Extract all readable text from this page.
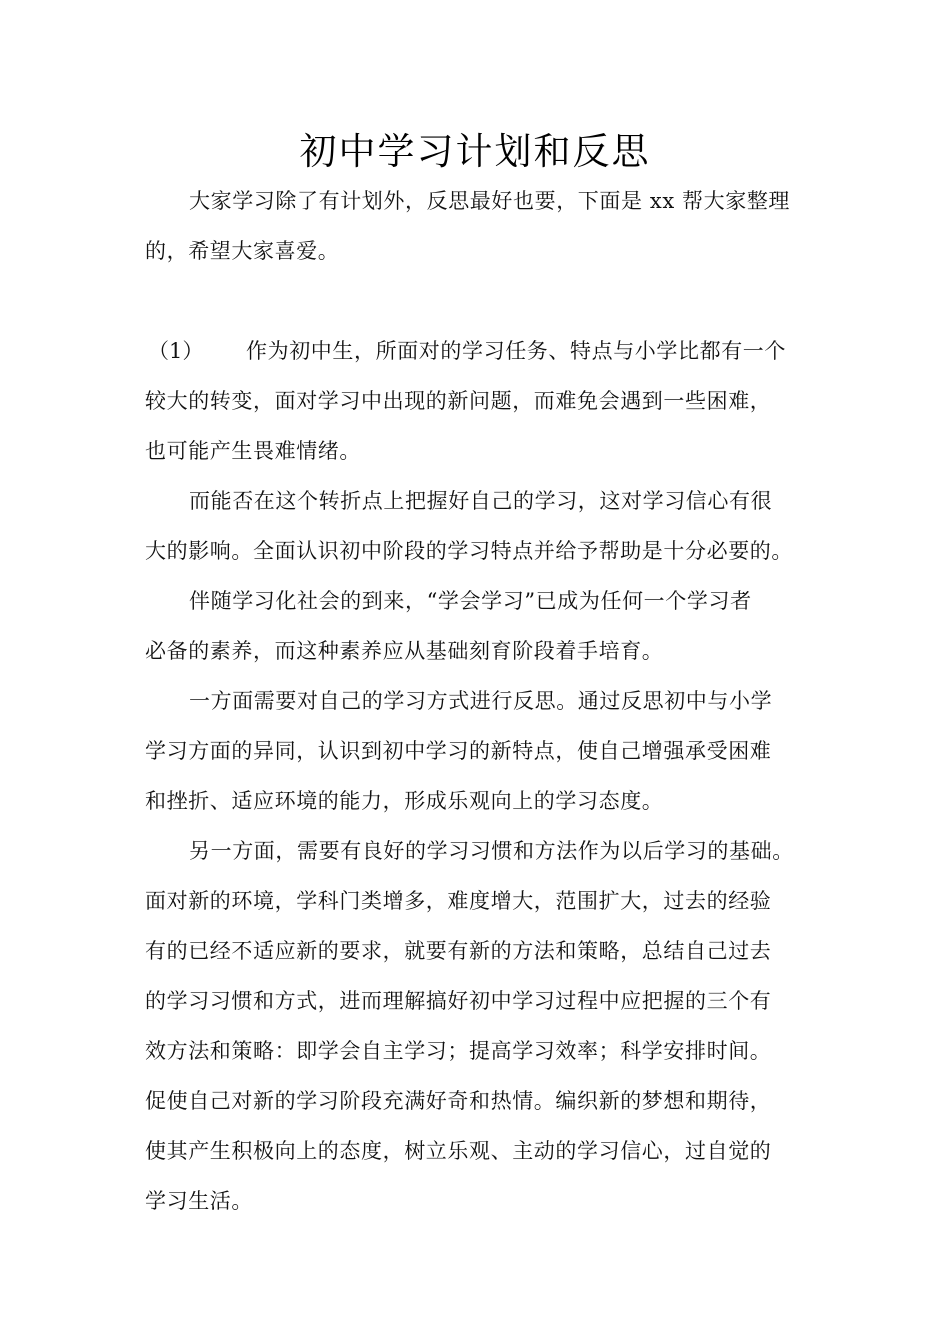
初中学习计划和反思
大家学习除了有计划外，反思最好也要，下面是 xx 帮大家整理
的，希望大家喜爱。
（1） 作为初中生，所面对的学习任务、特点与小学比都有一个
较大的转变，面对学习中出现的新问题，而难免会遇到一些困难，
也可能产生畏难情绪。
而能否在这个转折点上把握好自己的学习，这对学习信心有很
大的影响。全面认识初中阶段的学习特点并给予帮助是十分必要的。
伴随学习化社会的到来，“学会学习”已成为任何一个学习者
必备的素养，而这种素养应从基础刻育阶段着手培育。
一方面需要对自己的学习方式进行反思。通过反思初中与小学
学习方面的异同，认识到初中学习的新特点，使自己增强承受困难
和挫折、适应环境的能力，形成乐观向上的学习态度。
另一方面，需要有良好的学习习惯和方法作为以后学习的基础。
面对新的环境，学科门类增多，难度增大，范围扩大，过去的经验
有的已经不适应新的要求，就要有新的方法和策略，总结自己过去
的学习习惯和方式，进而理解搞好初中学习过程中应把握的三个有
效方法和策略：即学会自主学习；提高学习效率；科学安排时间。
促使自己对新的学习阶段充满好奇和热情。编织新的梦想和期待，
使其产生积极向上的态度，树立乐观、主动的学习信心，过自觉的
学习生活。
